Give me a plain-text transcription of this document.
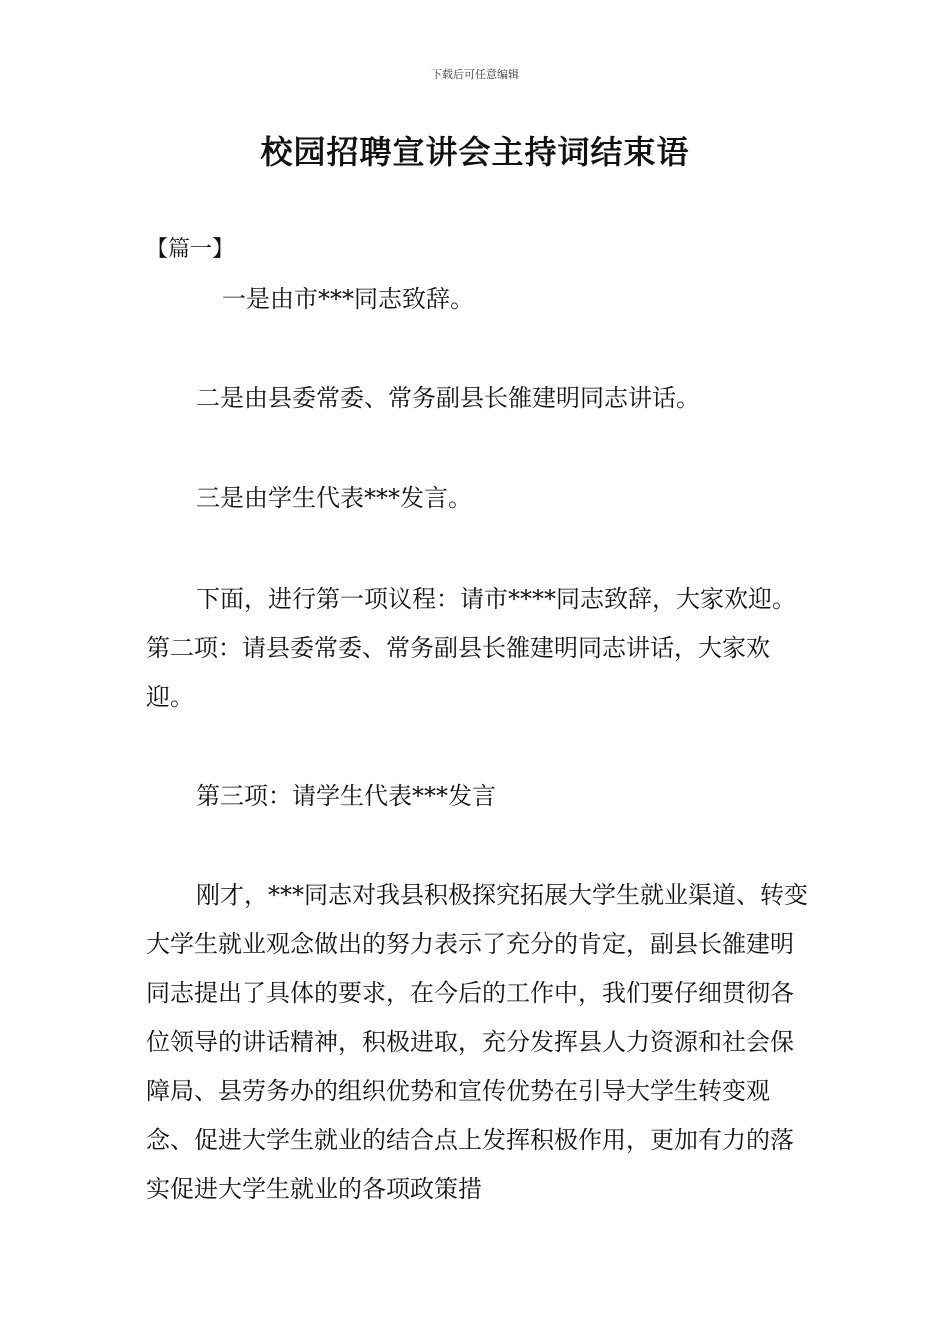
下载后可任意编辑
校园招聘宣讲会主持词结束语
【篇一】

一是由市***同志致辞。

二是由县委常委、常务副县长雒建明同志讲话。

三是由学生代表***发言。

下面，进行第一项议程：请市****同志致辞，大家欢迎。第二项：请县委常委、常务副县长雒建明同志讲话，大家欢迎。

第三项：请学生代表***发言

刚才，***同志对我县积极探究拓展大学生就业渠道、转变大学生就业观念做出的努力表示了充分的肯定，副县长雒建明同志提出了具体的要求，在今后的工作中，我们要仔细贯彻各位领导的讲话精神，积极进取，充分发挥县人力资源和社会保障局、县劳务办的组织优势和宣传优势在引导大学生转变观念、促进大学生就业的结合点上发挥积极作用，更加有力的落实促进大学生就业的各项政策措
